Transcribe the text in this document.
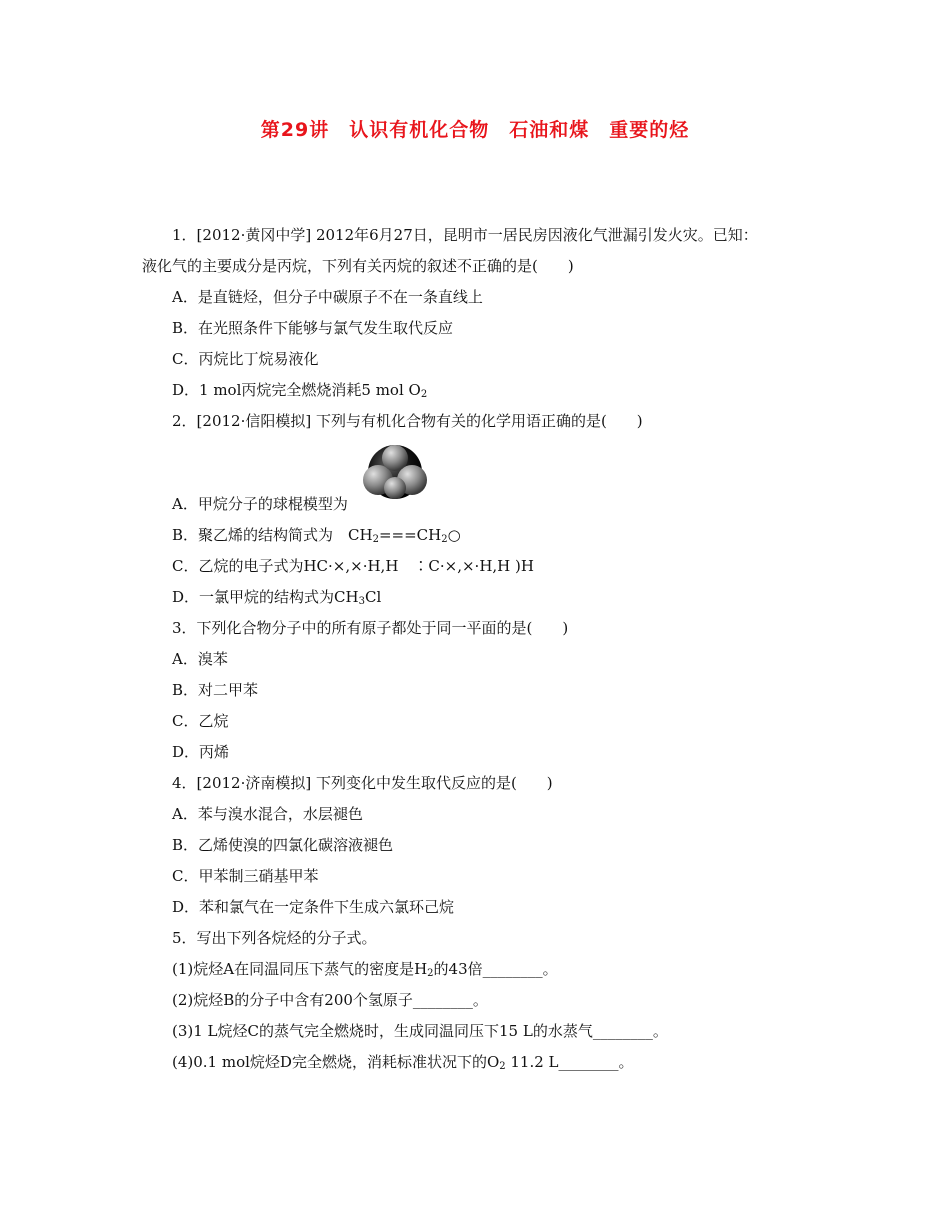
第29讲　认识有机化合物　石油和煤　重要的烃
1．[2012·黄冈中学] 2012年6月27日，昆明市一居民房因液化气泄漏引发火灾。已知：
液化气的主要成分是丙烷，下列有关丙烷的叙述不正确的是(　　)
A．是直链烃，但分子中碳原子不在一条直线上
B．在光照条件下能够与氯气发生取代反应
C．丙烷比丁烷易液化
D．1 mol丙烷完全燃烧消耗5 mol $O_2$
2．[2012·信阳模拟] 下列与有机化合物有关的化学用语正确的是(　　)
A．甲烷分子的球棍模型为
B．聚乙烯的结构简式为　$CH_2===CH_2○$
C．乙烷的电子式为HC·×,×·H,H　∶C·×,×·H,H )H
D．一氯甲烷的结构式为$CH_3Cl$
3．下列化合物分子中的所有原子都处于同一平面的是(　　)
A．溴苯
B．对二甲苯
C．乙烷
D．丙烯
4．[2012·济南模拟] 下列变化中发生取代反应的是(　　)
A．苯与溴水混合，水层褪色
B．乙烯使溴的四氯化碳溶液褪色
C．甲苯制三硝基甲苯
D．苯和氯气在一定条件下生成六氯环己烷
5．写出下列各烷烃的分子式。
(1)烷烃A在同温同压下蒸气的密度是$H_2$的43倍________。
(2)烷烃B的分子中含有200个氢原子________。
(3)1 L烷烃C的蒸气完全燃烧时，生成同温同压下15 L的水蒸气________。
(4)0.1 mol烷烃D完全燃烧，消耗标准状况下的$O_2$ 11.2 L________。
